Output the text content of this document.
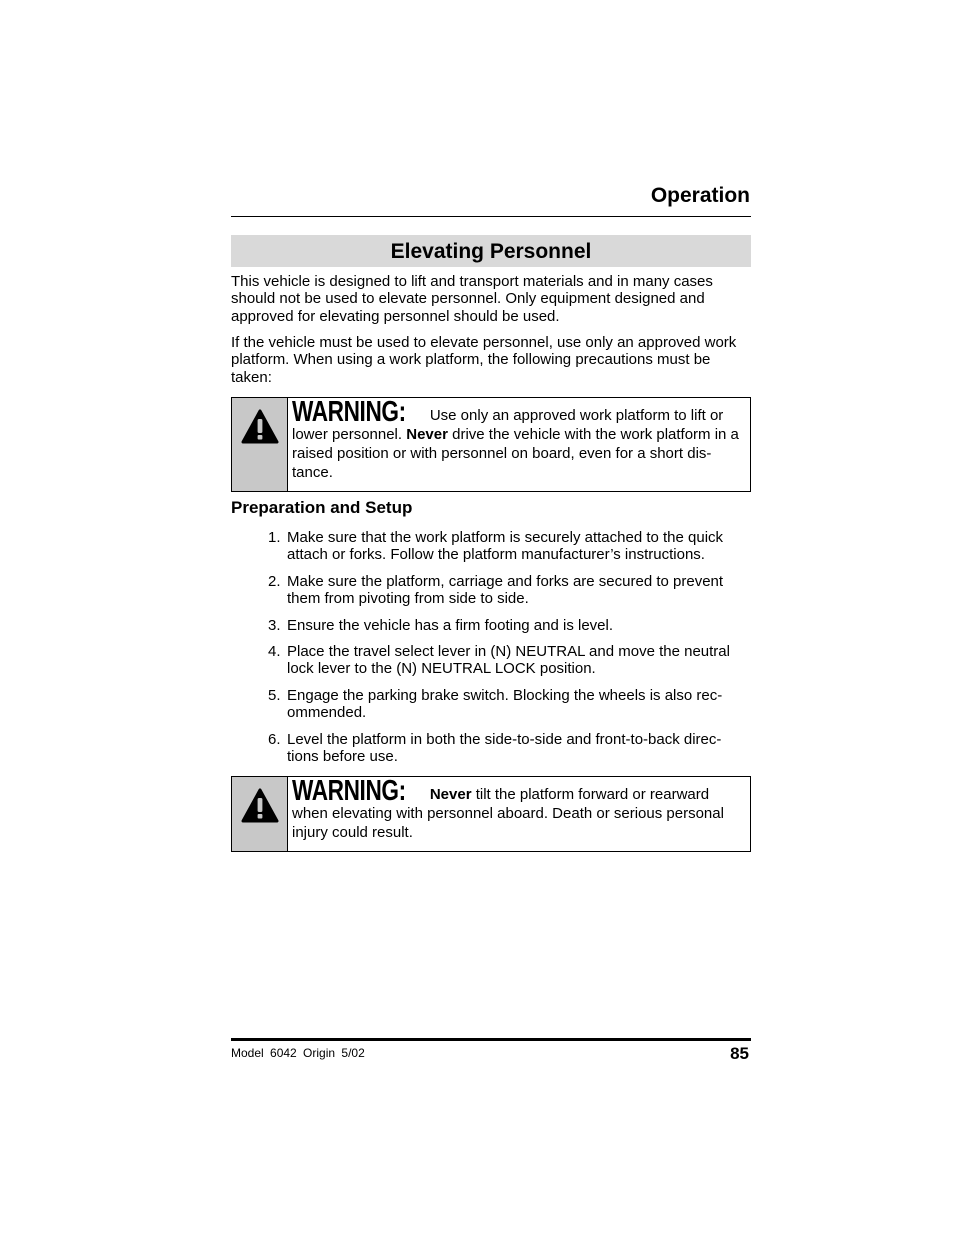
Operation
Elevating Personnel

This vehicle is designed to lift and transport materials and in many cases should not be used to elevate personnel. Only equipment designed and approved for elevating personnel should be used.

If the vehicle must be used to elevate personnel, use only an approved work platform. When using a work platform, the following precautions must be taken:

WARNING: Use only an approved work platform to lift or lower personnel. Never drive the vehicle with the work platform in a raised position or with personnel on board, even for a short dis-tance.
Preparation and Setup
1. Make sure that the work platform is securely attached to the quick attach or forks. Follow the platform manufacturer’s instructions.
2. Make sure the platform, carriage and forks are secured to prevent them from pivoting from side to side.
3. Ensure the vehicle has a firm footing and is level.
4. Place the travel select lever in (N) NEUTRAL and move the neutral lock lever to the (N) NEUTRAL LOCK position.
5. Engage the parking brake switch. Blocking the wheels is also rec-ommended.
6. Level the platform in both the side-to-side and front-to-back direc-tions before use.
WARNING: Never tilt the platform forward or rearward when elevating with personnel aboard. Death or serious personal injury could result.
Model 6042 Origin 5/02	85
